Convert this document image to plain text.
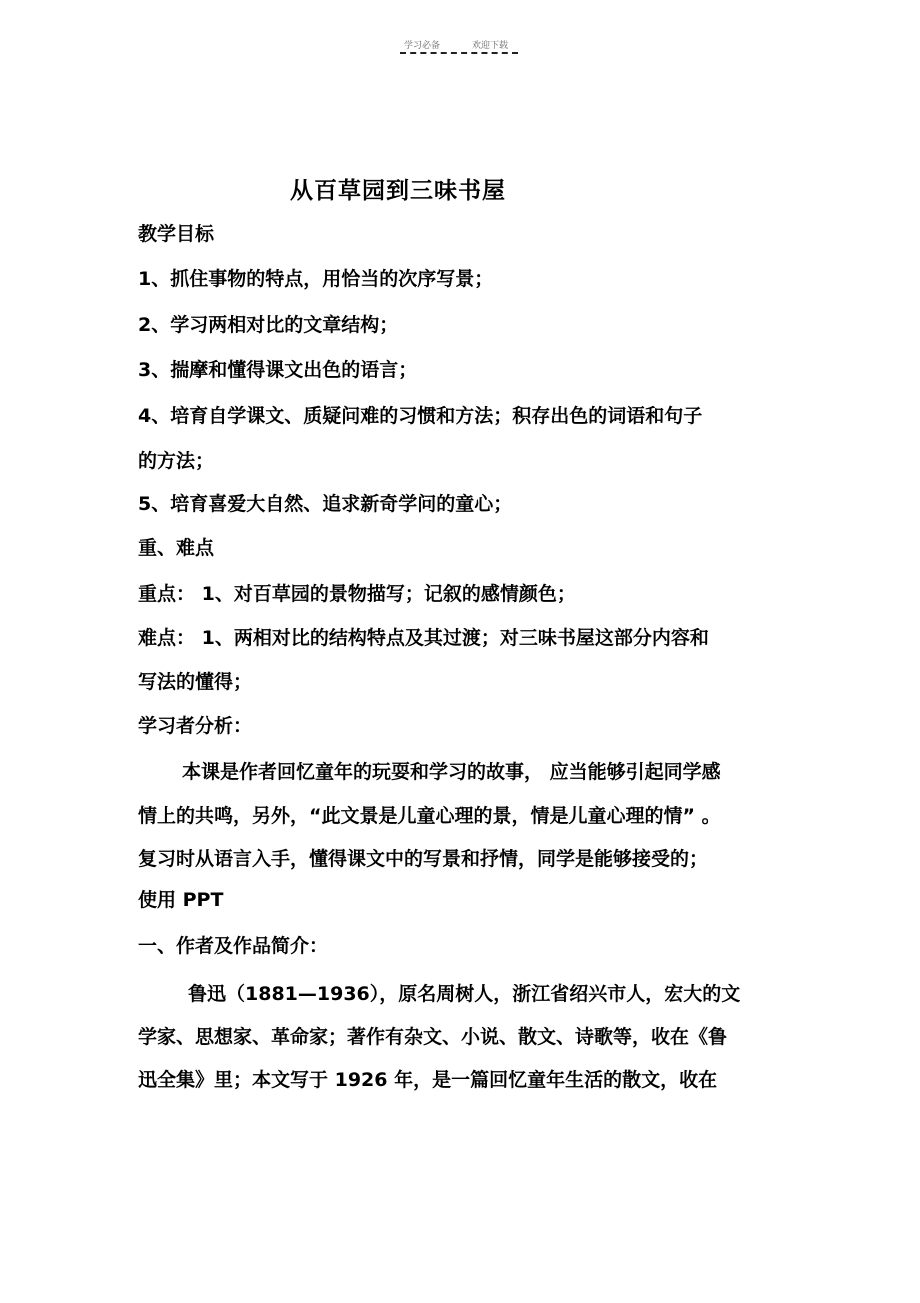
学习必备	欢迎下载
从百草园到三味书屋
教学目标
1、抓住事物的特点，用恰当的次序写景；
2、学习两相对比的文章结构；
3、揣摩和懂得课文出色的语言；
4、培育自学课文、质疑问难的习惯和方法；积存出色的词语和句子
的方法；
5、培育喜爱大自然、追求新奇学问的童心；
重、难点
重点： 1、对百草园的景物描写；记叙的感情颜色；
难点： 1、两相对比的结构特点及其过渡；对三味书屋这部分内容和
写法的懂得；
学习者分析：
本课是作者回忆童年的玩耍和学习的故事， 应当能够引起同学感
情上的共鸣，另外，“此文景是儿童心理的景，情是儿童心理的情” 。
复习时从语言入手，懂得课文中的写景和抒情，同学是能够接受的；
使用 PPT
一、作者及作品简介：
鲁迅（1881—1936），原名周树人，浙江省绍兴市人，宏大的文
学家、思想家、革命家；著作有杂文、小说、散文、诗歌等，收在《鲁
迅全集》里；本文写于 1926 年，是一篇回忆童年生活的散文，收在
